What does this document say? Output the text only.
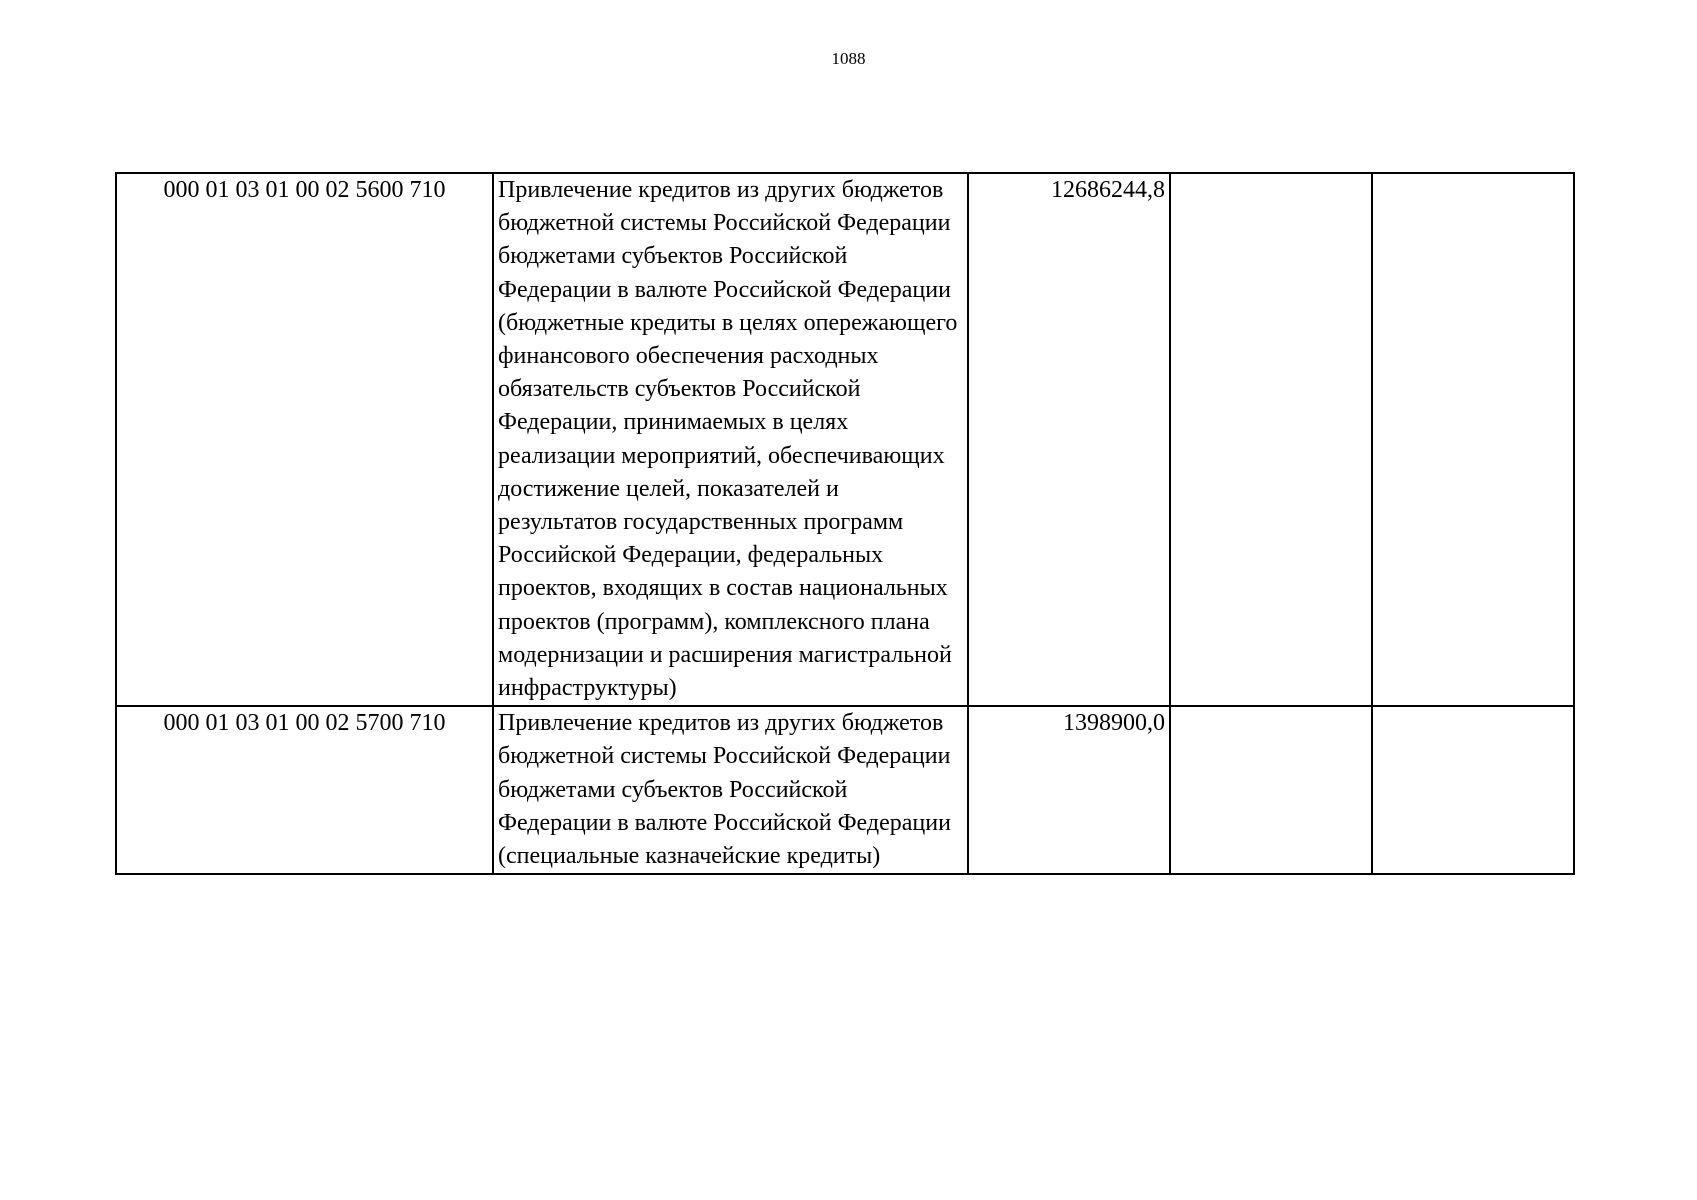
1088
000 01 03 01 00 02 5600 710	Привлечение кредитов из других бюджетов бюджетной системы Российской Федерации бюджетами субъектов Российской Федерации в валюте Российской Федерации (бюджетные кредиты в целях опережающего финансового обеспечения расходных обязательств субъектов Российской Федерации, принимаемых в целях реализации мероприятий, обеспечивающих достижение целей, показателей и результатов государственных программ Российской Федерации, федеральных проектов, входящих в состав национальных проектов (программ), комплексного плана модернизации и расширения магистральной инфраструктуры)	12686244,8		
000 01 03 01 00 02 5700 710	Привлечение кредитов из других бюджетов бюджетной системы Российской Федерации бюджетами субъектов Российской Федерации в валюте Российской Федерации (специальные казначейские кредиты)	1398900,0		
